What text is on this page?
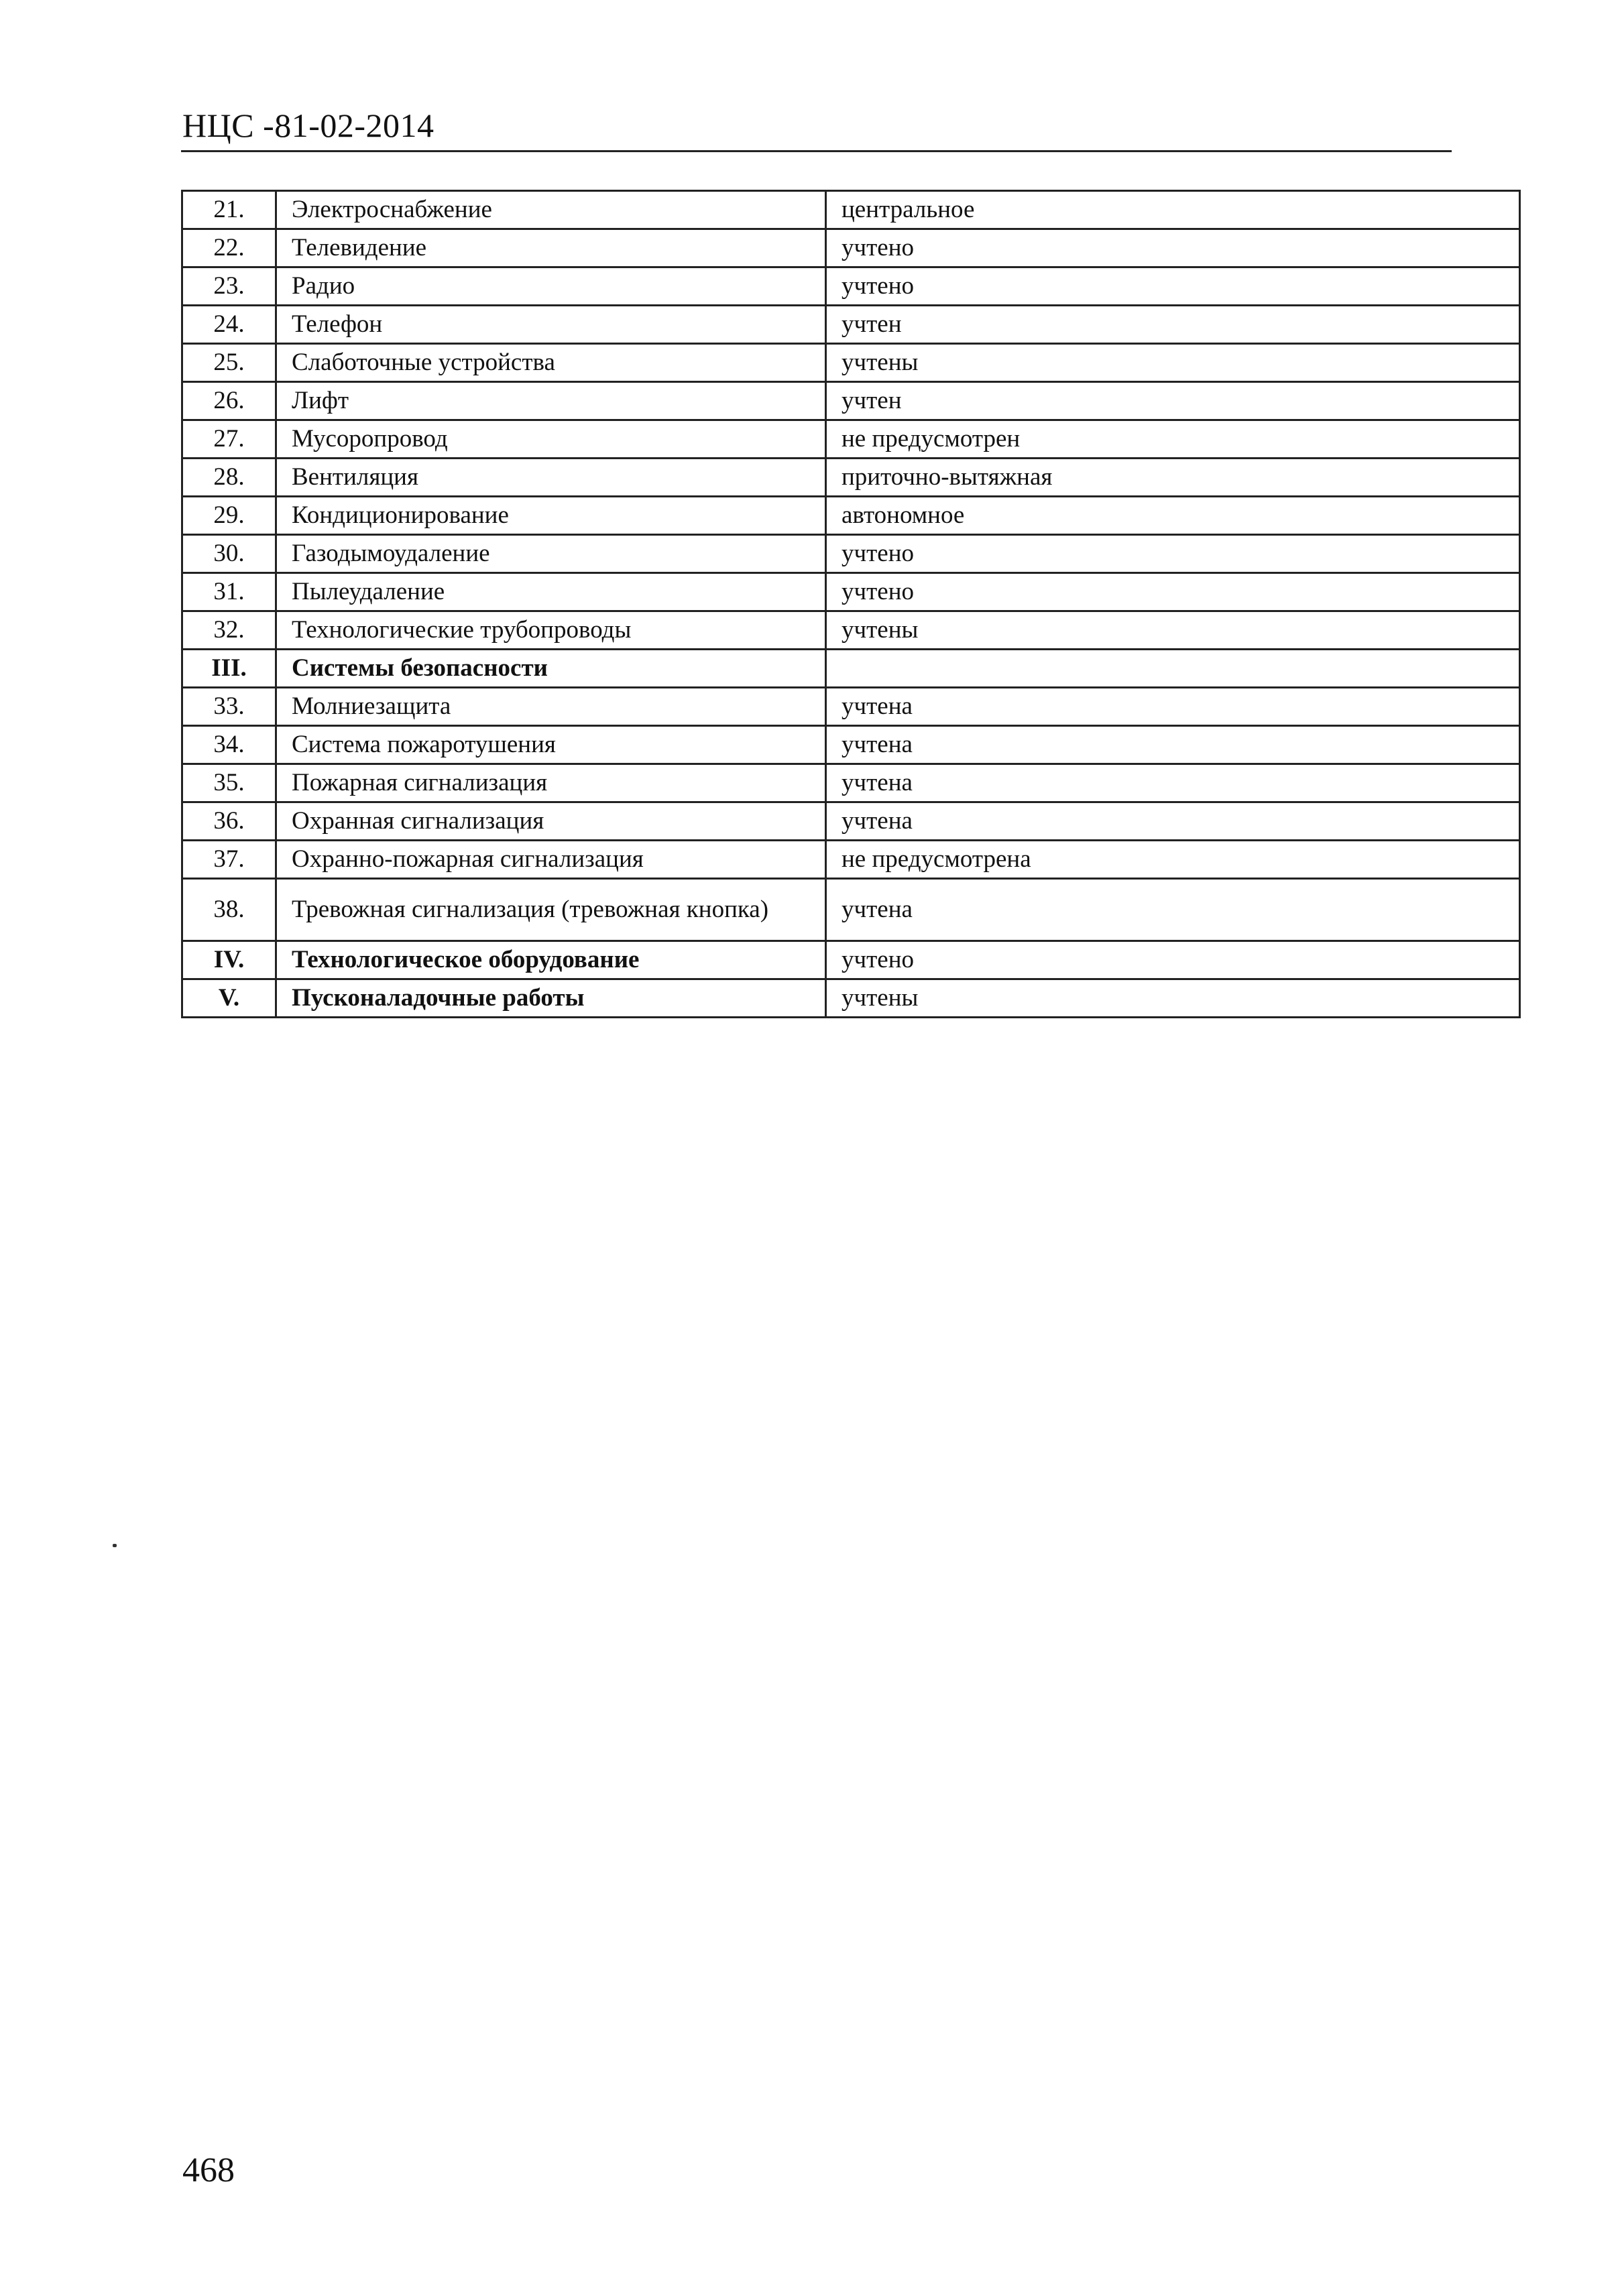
НЦС -81-02-2014
21.	Электроснабжение	центральное
22.	Телевидение	учтено
23.	Радио	учтено
24.	Телефон	учтен
25.	Слаботочные устройства	учтены
26.	Лифт	учтен
27.	Мусоропровод	не предусмотрен
28.	Вентиляция	приточно-вытяжная
29.	Кондиционирование	автономное
30.	Газодымоудаление	учтено
31.	Пылеудаление	учтено
32.	Технологические трубопроводы	учтены
III.	Системы безопасности	
33.	Молниезащита	учтена
34.	Система пожаротушения	учтена
35.	Пожарная сигнализация	учтена
36.	Охранная сигнализация	учтена
37.	Охранно-пожарная сигнализация	не предусмотрена
38.	Тревожная сигнализация (тревожная кнопка)	учтена
IV.	Технологическое оборудование	учтено
V.	Пусконаладочные работы	учтены
468
